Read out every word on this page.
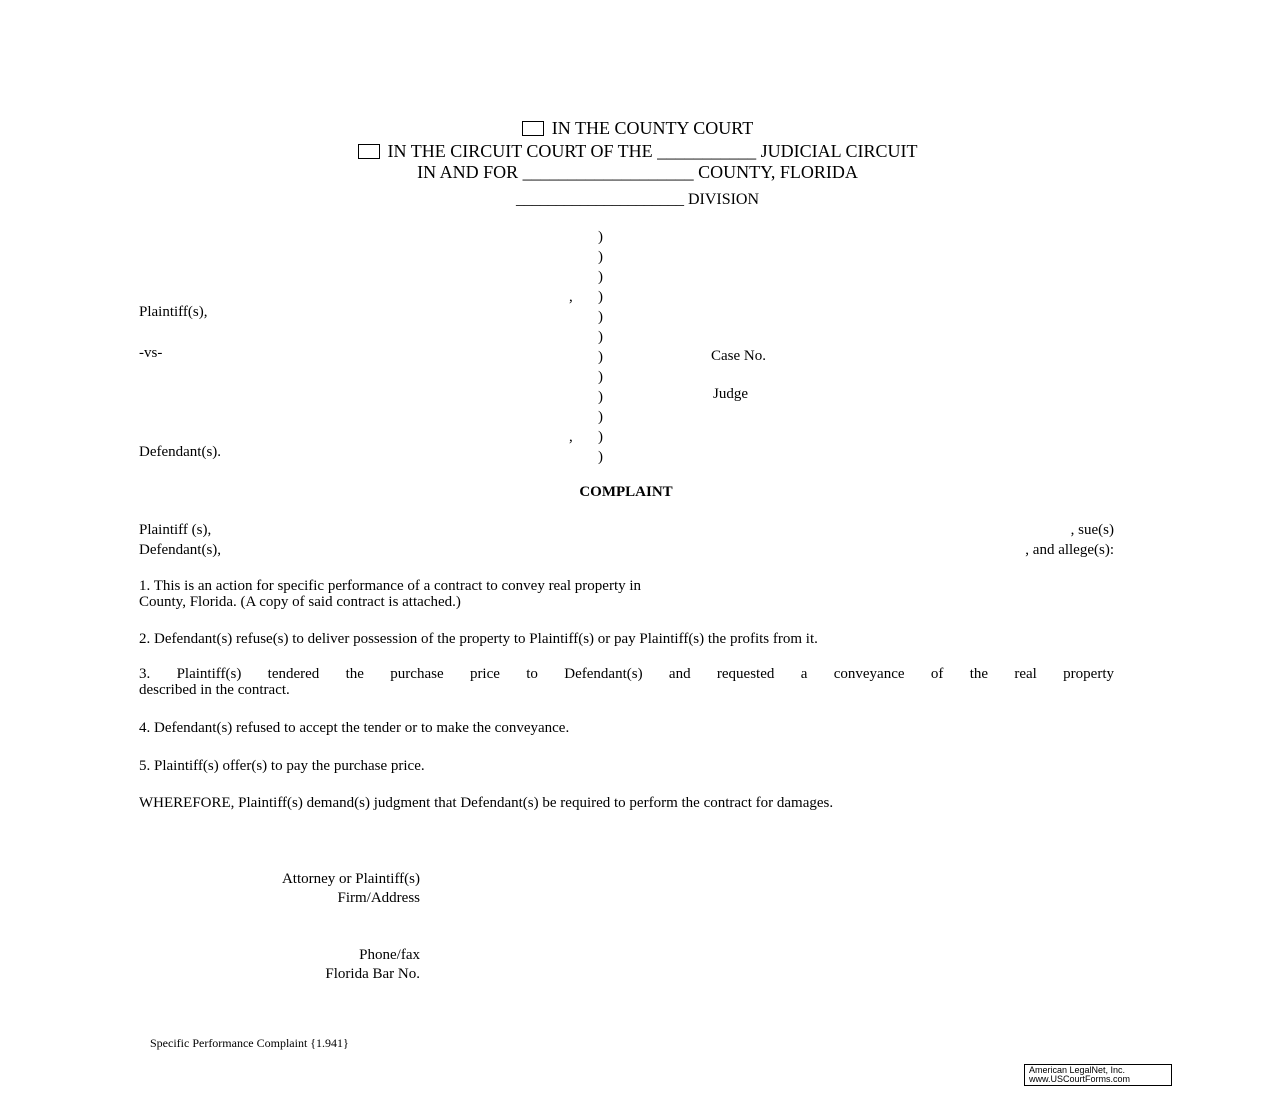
IN THE COUNTY COURT
IN THE CIRCUIT COURT OF THE ___________ JUDICIAL CIRCUIT
IN AND FOR ___________________ COUNTY, FLORIDA
_____________________ DIVISION
)
)
)
)
)
)
)
)
)
)
)
)
,
,
Plaintiff(s),
-vs-
Defendant(s).
Case No.
Judge
COMPLAINT
Plaintiff (s),	, sue(s)
Defendant(s),	, and allege(s):
1. This is an action for specific performance of a contract to convey real property in
County, Florida. (A copy of said contract is attached.)
2. Defendant(s) refuse(s) to deliver possession of the property to Plaintiff(s) or pay Plaintiff(s) the profits from it.
3. Plaintiff(s) tendered the purchase price to Defendant(s) and requested a conveyance of the real property
described in the contract.
4. Defendant(s) refused to accept the tender or to make the conveyance.
5. Plaintiff(s) offer(s) to pay the purchase price.
WHEREFORE, Plaintiff(s) demand(s) judgment that Defendant(s) be required to perform the contract for damages.
Attorney or Plaintiff(s)
Firm/Address
Phone/fax
Florida Bar No.
Specific Performance Complaint {1.941}
American LegalNet, Inc.
www.USCourtForms.com
